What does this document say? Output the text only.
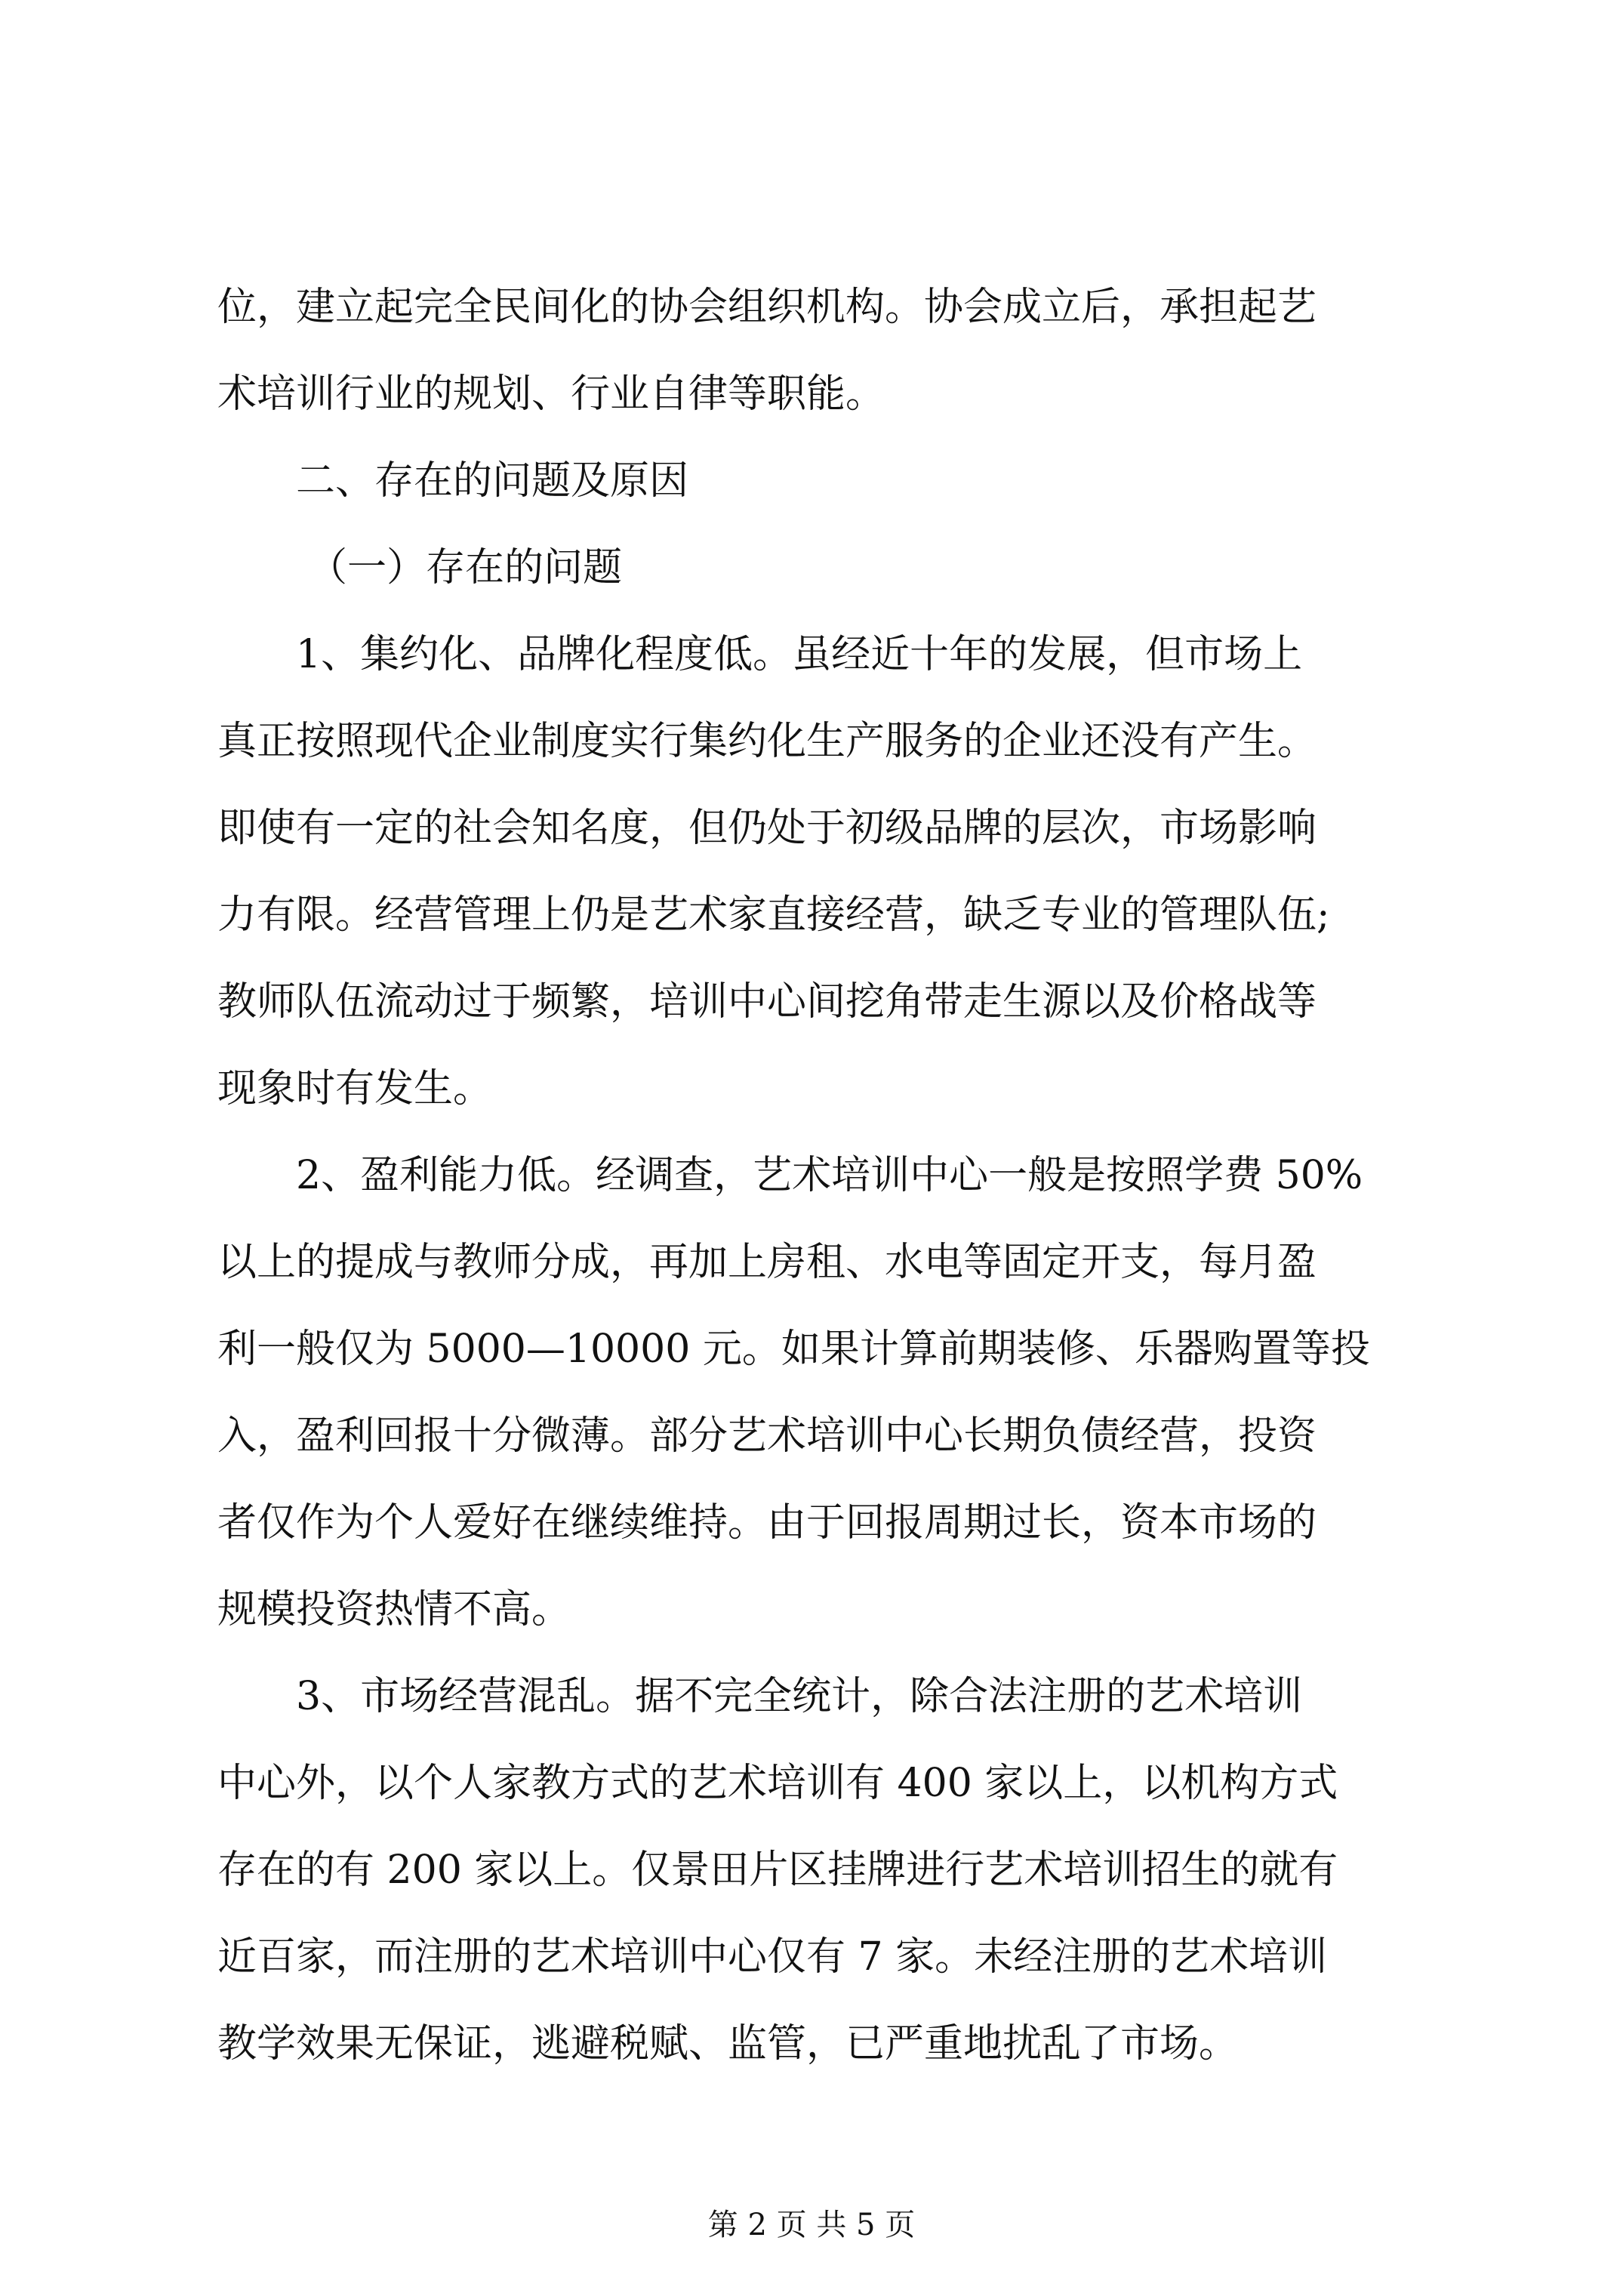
位，建立起完全民间化的协会组织机构。协会成立后，承担起艺
术培训行业的规划、行业自律等职能。
二、存在的问题及原因
（一）存在的问题
1、集约化、品牌化程度低。虽经近十年的发展，但市场上
真正按照现代企业制度实行集约化生产服务的企业还没有产生。
即使有一定的社会知名度，但仍处于初级品牌的层次，市场影响
力有限。经营管理上仍是艺术家直接经营，缺乏专业的管理队伍;
教师队伍流动过于频繁，培训中心间挖角带走生源以及价格战等
现象时有发生。
2、盈利能力低。经调查，艺术培训中心一般是按照学费 50%
以上的提成与教师分成，再加上房租、水电等固定开支，每月盈
利一般仅为 5000—10000 元。如果计算前期装修、乐器购置等投
入，盈利回报十分微薄。部分艺术培训中心长期负债经营，投资
者仅作为个人爱好在继续维持。由于回报周期过长，资本市场的
规模投资热情不高。
3、市场经营混乱。据不完全统计，除合法注册的艺术培训
中心外，以个人家教方式的艺术培训有 400 家以上，以机构方式
存在的有 200 家以上。仅景田片区挂牌进行艺术培训招生的就有
近百家，而注册的艺术培训中心仅有 7 家。未经注册的艺术培训
教学效果无保证，逃避税赋、监管，已严重地扰乱了市场。
第 2 页 共 5 页
